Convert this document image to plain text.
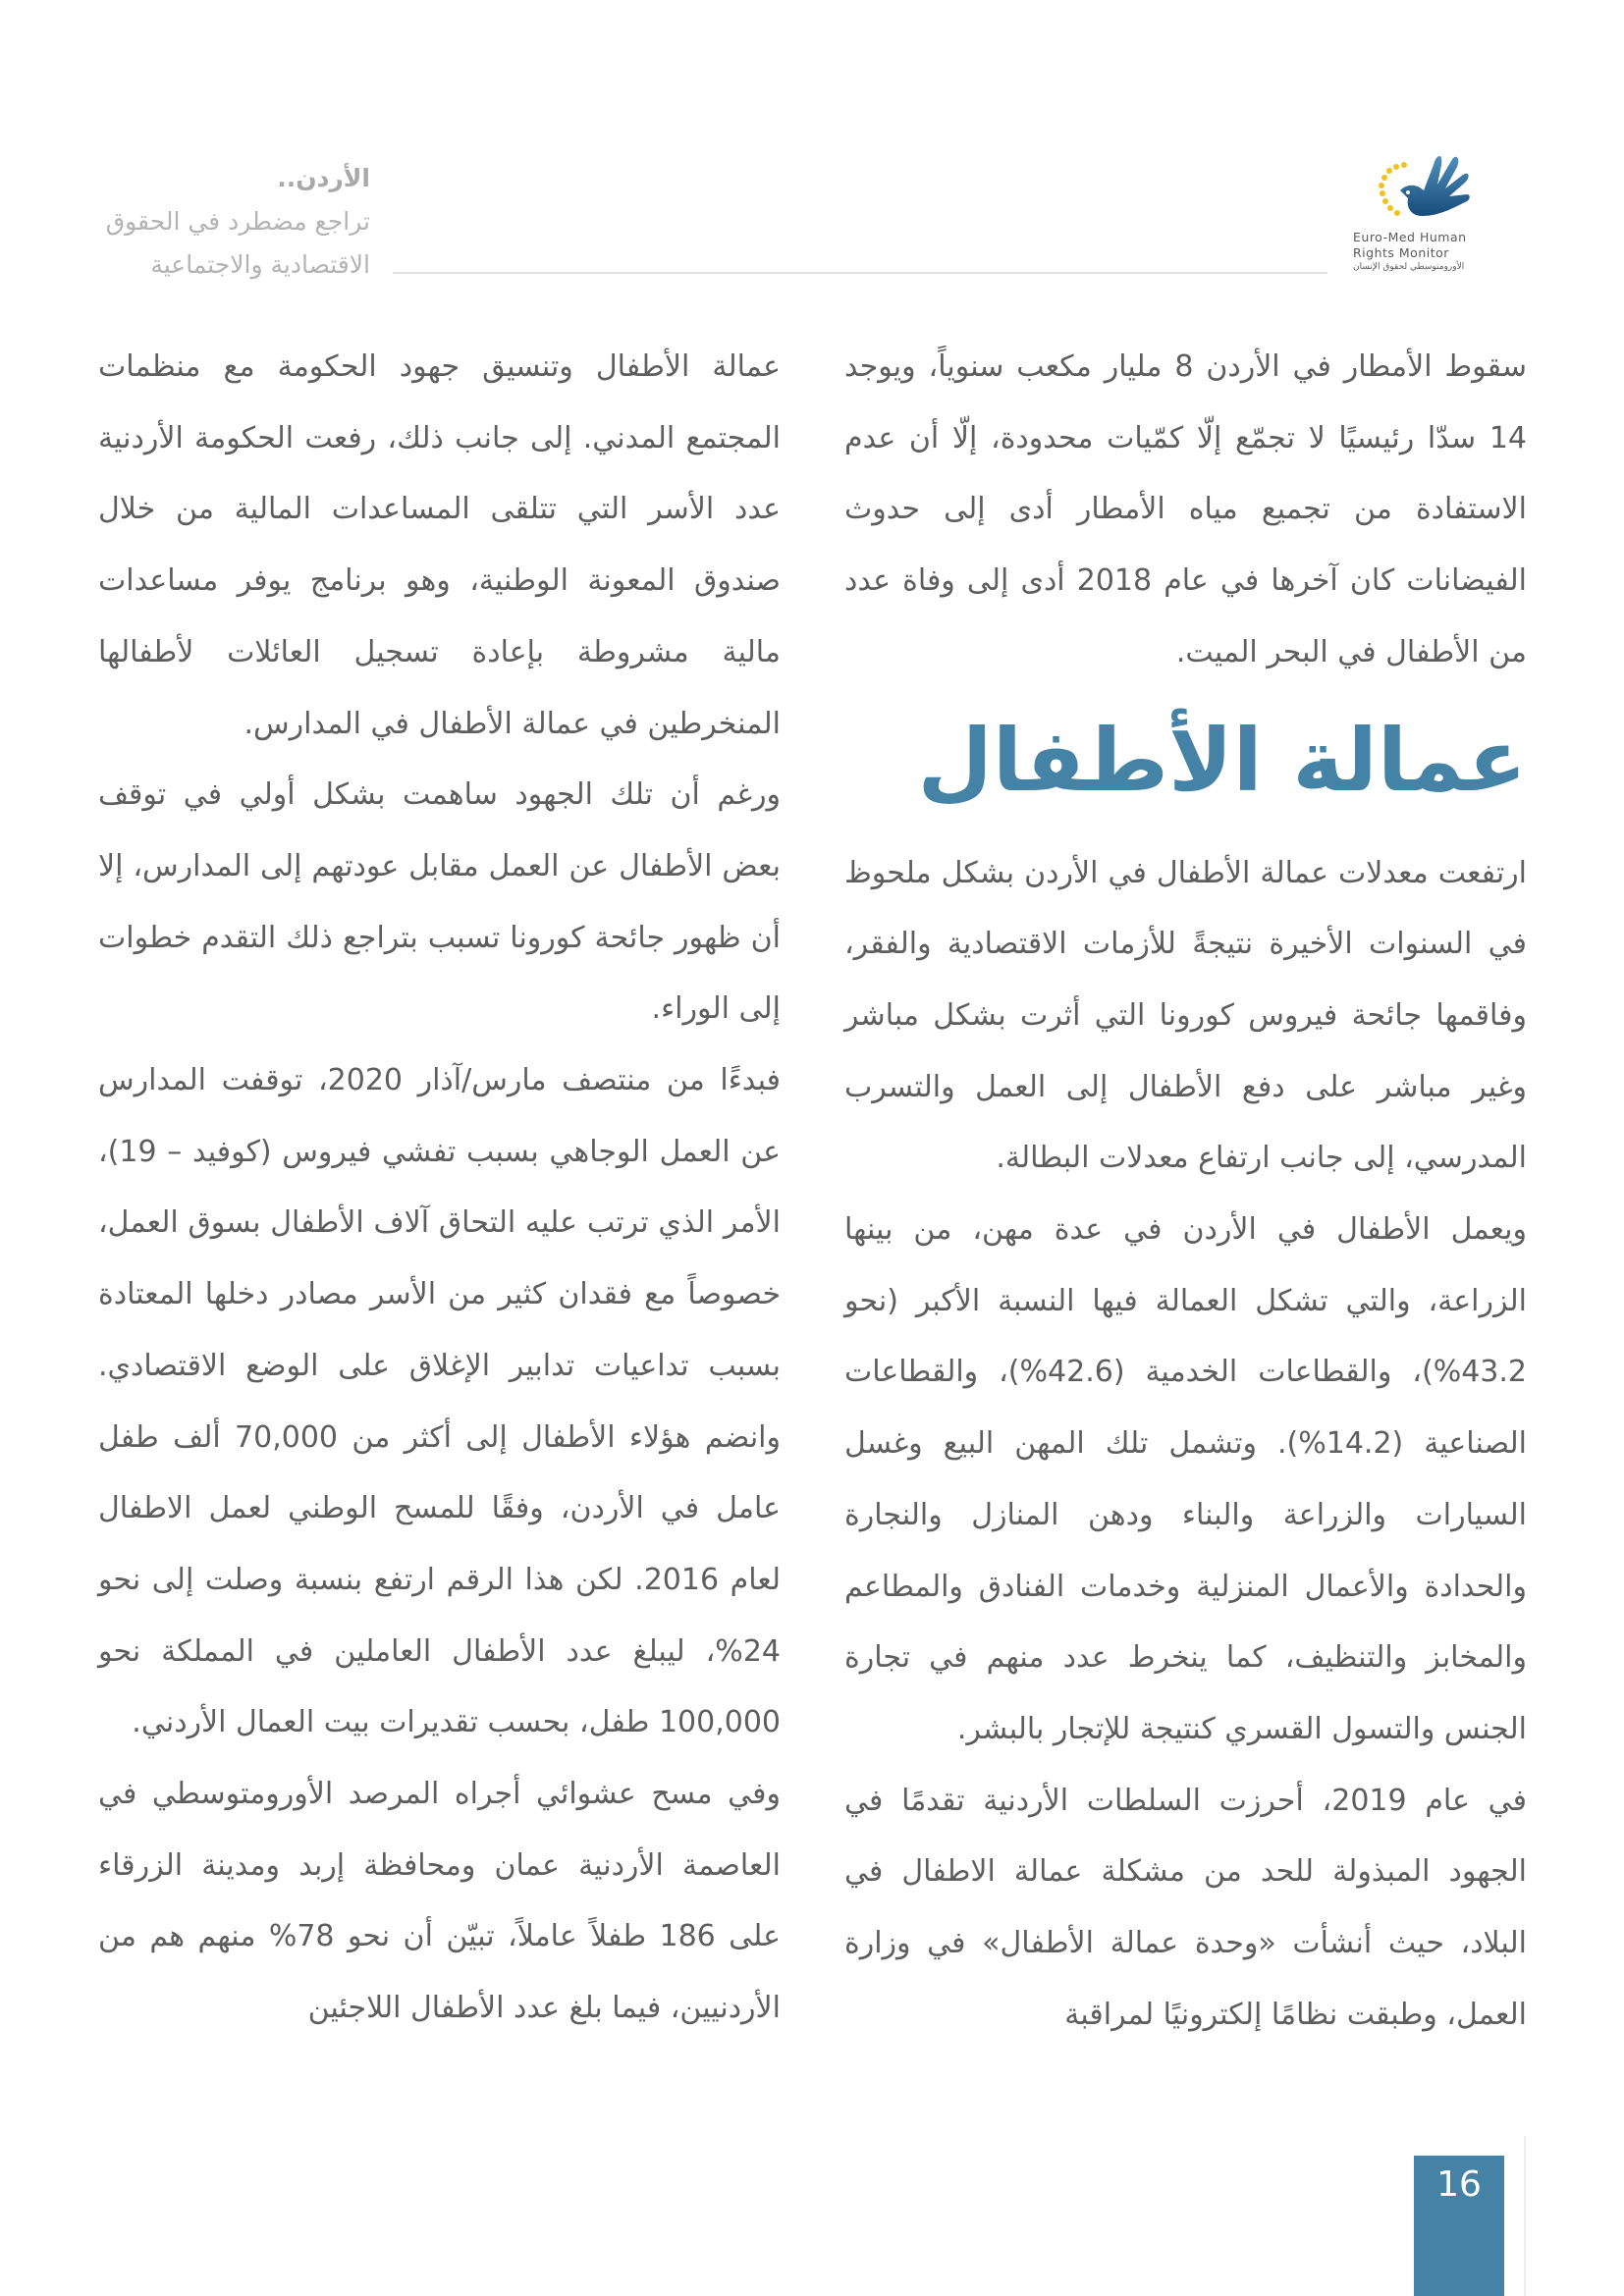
الأردن..
تراجع مضطرد في الحقوق
الاقتصادية والاجتماعية
Euro-Med Human
Rights Monitor
الأورومتوسطي لحقوق الإنسان

سقوط الأمطار في الأردن 8 مليار مكعب سنوياً، ويوجد 14 سدّا رئيسيًا لا تجمّع إلّا كمّيات محدودة، إلّا أن عدم الاستفادة من تجميع مياه الأمطار أدى إلى حدوث الفيضانات كان آخرها في عام 2018 أدى إلى وفاة عدد من الأطفال في البحر الميت.

عمالة الأطفال

ارتفعت معدلات عمالة الأطفال في الأردن بشكل ملحوظ في السنوات الأخيرة نتيجةً للأزمات الاقتصادية والفقر، وفاقمها جائحة فيروس كورونا التي أثرت بشكل مباشر وغير مباشر على دفع الأطفال إلى العمل والتسرب المدرسي، إلى جانب ارتفاع معدلات البطالة.

ويعمل الأطفال في الأردن في عدة مهن، من بينها الزراعة، والتي تشكل العمالة فيها النسبة الأكبر (نحو 43.2%)، والقطاعات الخدمية (42.6%)، والقطاعات الصناعية (14.2%). وتشمل تلك المهن البيع وغسل السيارات والزراعة والبناء ودهن المنازل والنجارة والحدادة والأعمال المنزلية وخدمات الفنادق والمطاعم والمخابز والتنظيف، كما ينخرط عدد منهم في تجارة الجنس والتسول القسري كنتيجة للإتجار بالبشر.

في عام 2019، أحرزت السلطات الأردنية تقدمًا في الجهود المبذولة للحد من مشكلة عمالة الاطفال في البلاد، حيث أنشأت «وحدة عمالة الأطفال» في وزارة العمل، وطبقت نظامًا إلكترونيًا لمراقبة

عمالة الأطفال وتنسيق جهود الحكومة مع منظمات المجتمع المدني. إلى جانب ذلك، رفعت الحكومة الأردنية عدد الأسر التي تتلقى المساعدات المالية من خلال صندوق المعونة الوطنية، وهو برنامج يوفر مساعدات مالية مشروطة بإعادة تسجيل العائلات لأطفالها المنخرطين في عمالة الأطفال في المدارس.

ورغم أن تلك الجهود ساهمت بشكل أولي في توقف بعض الأطفال عن العمل مقابل عودتهم إلى المدارس، إلا أن ظهور جائحة كورونا تسبب بتراجع ذلك التقدم خطوات إلى الوراء.

فبدءًا من منتصف مارس/آذار 2020، توقفت المدارس عن العمل الوجاهي بسبب تفشي فيروس (كوفيد – 19)، الأمر الذي ترتب عليه التحاق آلاف الأطفال بسوق العمل، خصوصاً مع فقدان كثير من الأسر مصادر دخلها المعتادة بسبب تداعيات تدابير الإغلاق على الوضع الاقتصادي. وانضم هؤلاء الأطفال إلى أكثر من 70,000 ألف طفل عامل في الأردن، وفقًا للمسح الوطني لعمل الاطفال لعام 2016. لكن هذا الرقم ارتفع بنسبة وصلت إلى نحو 24%، ليبلغ عدد الأطفال العاملين في المملكة نحو 100,000 طفل، بحسب تقديرات بيت العمال الأردني.

وفي مسح عشوائي أجراه المرصد الأورومتوسطي في العاصمة الأردنية عمان ومحافظة إربد ومدينة الزرقاء على 186 طفلاً عاملاً، تبيّن أن نحو 78% منهم هم من الأردنيين، فيما بلغ عدد الأطفال اللاجئين

16
